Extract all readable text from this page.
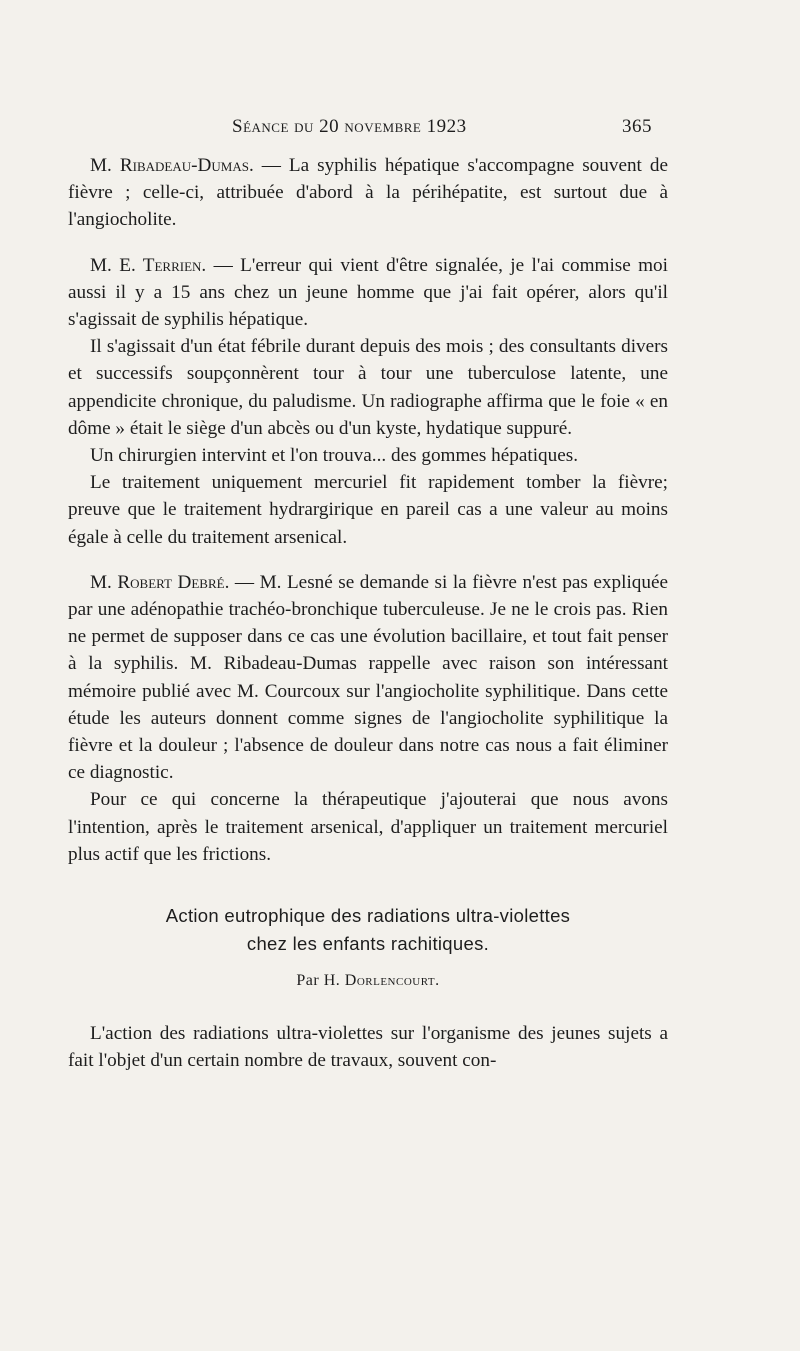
Séance du 20 novembre 1923	365

M. Ribadeau-Dumas. — La syphilis hépatique s'accompagne souvent de fièvre ; celle-ci, attribuée d'abord à la périhépatite, est surtout due à l'angiocholite.

M. E. Terrien. — L'erreur qui vient d'être signalée, je l'ai commise moi aussi il y a 15 ans chez un jeune homme que j'ai fait opérer, alors qu'il s'agissait de syphilis hépatique.

Il s'agissait d'un état fébrile durant depuis des mois ; des consultants divers et successifs soupçonnèrent tour à tour une tuberculose latente, une appendicite chronique, du paludisme. Un radiographe affirma que le foie « en dôme » était le siège d'un abcès ou d'un kyste, hydatique suppuré.

Un chirurgien intervint et l'on trouva... des gommes hépatiques.

Le traitement uniquement mercuriel fit rapidement tomber la fièvre; preuve que le traitement hydrargirique en pareil cas a une valeur au moins égale à celle du traitement arsenical.

M. Robert Debré. — M. Lesné se demande si la fièvre n'est pas expliquée par une adénopathie trachéo-bronchique tuberculeuse. Je ne le crois pas. Rien ne permet de supposer dans ce cas une évolution bacillaire, et tout fait penser à la syphilis. M. Ribadeau-Dumas rappelle avec raison son intéressant mémoire publié avec M. Courcoux sur l'angiocholite syphilitique. Dans cette étude les auteurs donnent comme signes de l'angiocholite syphilitique la fièvre et la douleur ; l'absence de douleur dans notre cas nous a fait éliminer ce diagnostic.

Pour ce qui concerne la thérapeutique j'ajouterai que nous avons l'intention, après le traitement arsenical, d'appliquer un traitement mercuriel plus actif que les frictions.

Action eutrophique des radiations ultra-violettes
chez les enfants rachitiques.
Par H. Dorlencourt.

L'action des radiations ultra-violettes sur l'organisme des jeunes sujets a fait l'objet d'un certain nombre de travaux, souvent con-
